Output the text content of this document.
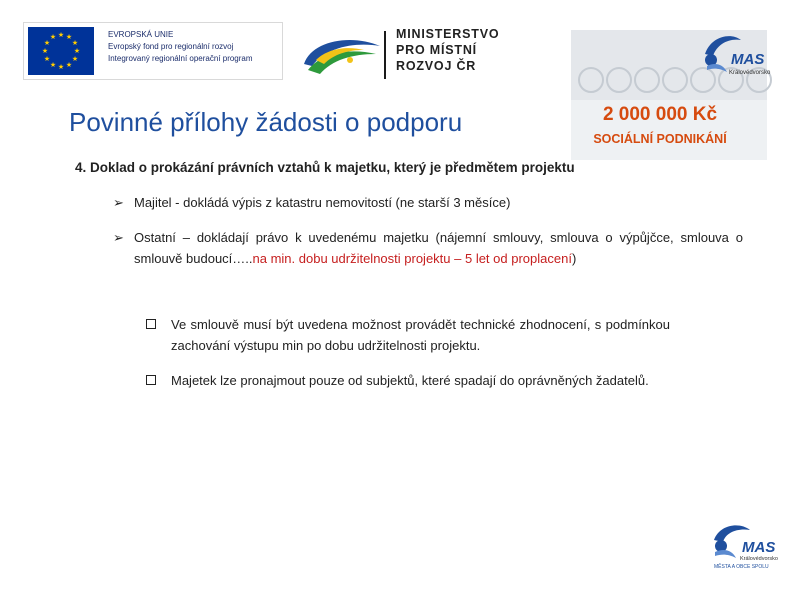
★ ★
★
★
★
★
★
★
★
★
★
★	EVROPSKÁ UNIE
Evropský fond pro regionální rozvoj
Integrovaný regionální operační program
MINISTERSTVO
PRO MÍSTNÍ
ROZVOJ ČR	MAS
Královédvorsko
2 000 000 Kč
SOCIÁLNÍ PODNIKÁNÍ
Povinné přílohy žádosti o podporu
4. Doklad o prokázání právních vztahů k majetku, který je předmětem projektu
➢ Majitel - dokládá výpis z katastru nemovitostí (ne starší 3 měsíce)
➢ Ostatní – dokládají právo k uvedenému majetku (nájemní smlouvy, smlouva o výpůjčce, smlouva o smlouvě budoucí…..na min. dobu udržitelnosti projektu – 5 let od proplacení)
Ve smlouvě musí být uvedena možnost provádět technické zhodnocení, s podmínkou zachování výstupu min po dobu udržitelnosti projektu.
Majetek lze pronajmout pouze od subjektů, které spadají do oprávněných žadatelů.
MAS
Královédvorsko
MĚSTA A OBCE SPOLU
